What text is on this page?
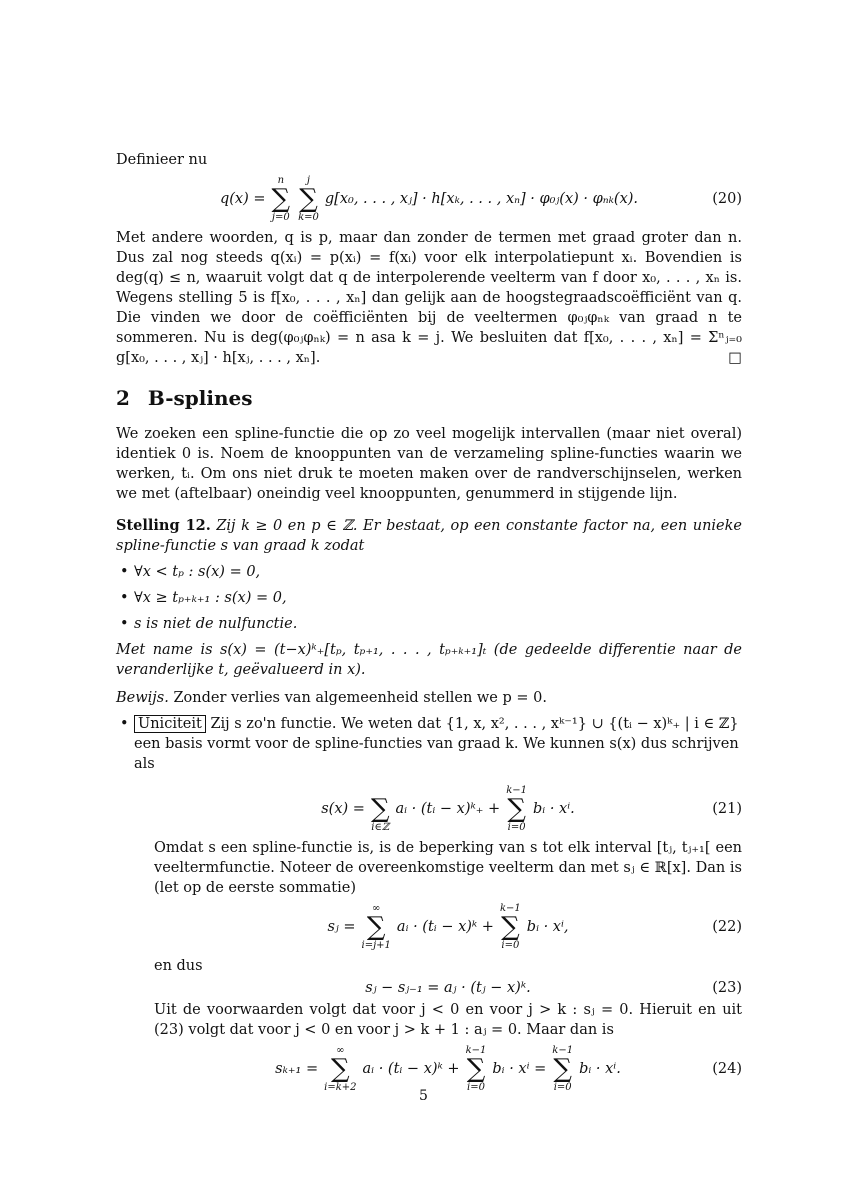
Definieer nu

q(x) =
n
∑
j=0
j
∑
k=0
g[x₀, . . . , xⱼ] · h[xₖ, . . . , xₙ] · φ₀ⱼ(x) · φₙₖ(x).	(20)

Met andere woorden, q is p, maar dan zonder de termen met graad groter dan n. Dus zal nog steeds q(xᵢ) = p(xᵢ) = f(xᵢ) voor elk interpolatiepunt xᵢ. Bovendien is deg(q) ≤ n, waaruit volgt dat q de interpolerende veelterm van f door x₀, . . . , xₙ is. Wegens stelling 5 is f[x₀, . . . , xₙ] dan gelijk aan de hoogstegraadscoëfficiënt van q. Die vinden we door de coëfficiënten bij de veeltermen φ₀ⱼφₙₖ van graad n te sommeren. Nu is deg(φ₀ⱼφₙₖ) = n asa k = j. We besluiten dat f[x₀, . . . , xₙ] = Σⁿⱼ₌₀ g[x₀, . . . , xⱼ] · h[xⱼ, . . . , xₙ].	□

2 B-splines

We zoeken een spline-functie die op zo veel mogelijk intervallen (maar niet overal) identiek 0 is. Noem de knooppunten van de verzameling spline-functies waarin we werken, tᵢ. Om ons niet druk te moeten maken over de randverschijnselen, werken we met (aftelbaar) oneindig veel knooppunten, genummerd in stijgende lijn.

Stelling 12. Zij k ≥ 0 en p ∈ ℤ. Er bestaat, op een constante factor na, een unieke spline-functie s van graad k zodat
• ∀x < tₚ : s(x) = 0,
• ∀x ≥ tₚ₊ₖ₊₁ : s(x) = 0,
• s is niet de nulfunctie.

Met name is s(x) = (t−x)ᵏ₊[tₚ, tₚ₊₁, . . . , tₚ₊ₖ₊₁]ₜ (de gedeelde differentie naar de veranderlijke t, geëvalueerd in x).

Bewijs. Zonder verlies van algemeenheid stellen we p = 0.

• Uniciteit Zij s zo'n functie. We weten dat {1, x, x², . . . , xᵏ⁻¹} ∪ {(tᵢ − x)ᵏ₊ | i ∈ ℤ} een basis vormt voor de spline-functies van graad k. We kunnen s(x) dus schrijven als
s(x) = ∑
i∈ℤ
aᵢ · (tᵢ − x)ᵏ₊ +
k−1
∑
i=0
bᵢ · xⁱ.	(21)

Omdat s een spline-functie is, is de beperking van s tot elk interval [tⱼ, tⱼ₊₁[ een veeltermfunctie. Noteer de overeenkomstige veelterm dan met sⱼ ∈ ℝ[x]. Dan is (let op de eerste sommatie)

sⱼ =
∞
∑
i=j+1
aᵢ · (tᵢ − x)ᵏ +
k−1
∑
i=0
bᵢ · xⁱ,	(22)

en dus

sⱼ − sⱼ₋₁ = aⱼ · (tⱼ − x)ᵏ.	(23)

Uit de voorwaarden volgt dat voor j < 0 en voor j > k : sⱼ = 0. Hieruit en uit (23) volgt dat voor j < 0 en voor j > k + 1 : aⱼ = 0. Maar dan is

sₖ₊₁ =
∞
∑
i=k+2
aᵢ · (tᵢ − x)ᵏ +
k−1
∑
i=0
bᵢ · xⁱ =
k−1
∑
i=0
bᵢ · xⁱ.	(24)
5
